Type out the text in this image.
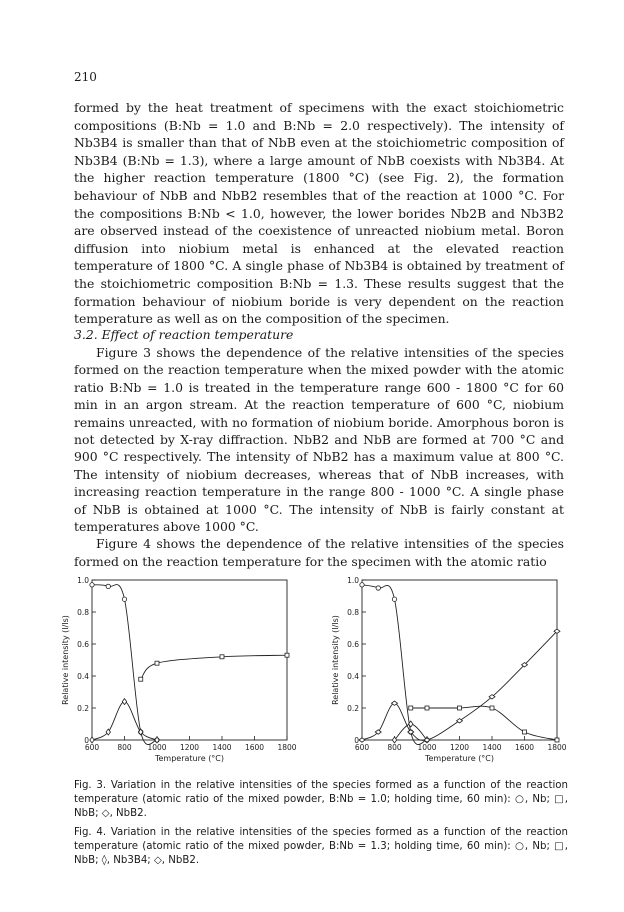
210

formed by the heat treatment of specimens with the exact stoichiometric compositions (B:Nb = 1.0 and B:Nb = 2.0 respectively). The intensity of Nb3B4 is smaller than that of NbB even at the stoichiometric composition of Nb3B4 (B:Nb = 1.3), where a large amount of NbB coexists with Nb3B4. At the higher reaction temperature (1800 °C) (see Fig. 2), the formation behaviour of NbB and NbB2 resembles that of the reaction at 1000 °C. For the compositions B:Nb < 1.0, however, the lower borides Nb2B and Nb3B2 are observed instead of the coexistence of unreacted niobium metal. Boron diffusion into niobium metal is enhanced at the elevated reaction temperature of 1800 °C. A single phase of Nb3B4 is obtained by treatment of the stoichiometric composition B:Nb = 1.3. These results suggest that the formation behaviour of niobium boride is very dependent on the reaction temperature as well as on the composition of the specimen.

3.2. Effect of reaction temperature

Figure 3 shows the dependence of the relative intensities of the species formed on the reaction temperature when the mixed powder with the atomic ratio B:Nb = 1.0 is treated in the temperature range 600 - 1800 °C for 60 min in an argon stream. At the reaction temperature of 600 °C, niobium remains unreacted, with no formation of niobium boride. Amorphous boron is not detected by X-ray diffraction. NbB2 and NbB are formed at 700 °C and 900 °C respectively. The intensity of NbB2 has a maximum value at 800 °C. The intensity of niobium decreases, whereas that of NbB increases, with increasing reaction temperature in the range 800 - 1000 °C. A single phase of NbB is obtained at 1000 °C. The intensity of NbB is fairly constant at temperatures above 1000 °C.

Figure 4 shows the dependence of the relative intensities of the species formed on the reaction temperature for the specimen with the atomic ratio

600 800 1000 1200 1400 1600 1800
0
0.2
0.4
0.6
0.8
1.0
Temperature (°C)
Relative intensity (I/Is)
600 800 1000 1200 1400 1600 1800
0
0.2
0.4
0.6
0.8
1.0
Temperature (°C)
Relative intensity (I/Is)
Fig. 3. Variation in the relative intensities of the species formed as a function of the reaction temperature (atomic ratio of the mixed powder, B:Nb = 1.0; holding time, 60 min): ○, Nb; □, NbB; ◇, NbB2.
Fig. 4. Variation in the relative intensities of the species formed as a function of the reaction temperature (atomic ratio of the mixed powder, B:Nb = 1.3; holding time, 60 min): ○, Nb; □, NbB; ◊, Nb3B4; ◇, NbB2.
